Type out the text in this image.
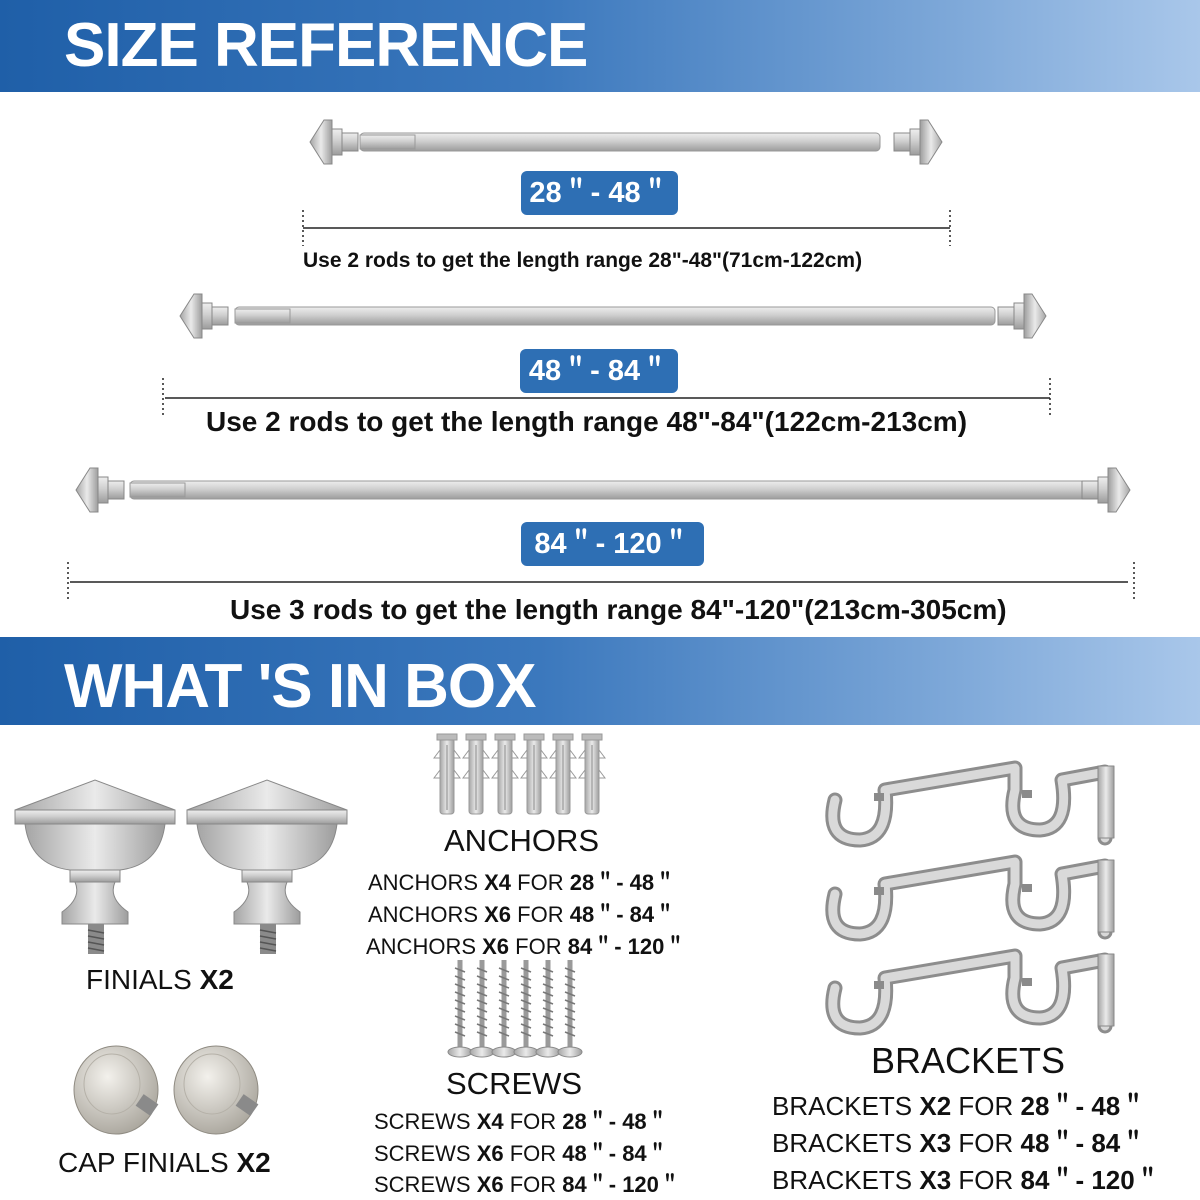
SIZE REFERENCE
WHAT 'S IN BOX
28＂- 48＂
48＂- 84＂
84＂- 120＂
Use 2 rods to get the length range 28"-48"(71cm-122cm)
Use 2 rods to get the length range 48"-84"(122cm-213cm)
Use 3 rods to get the length range 84"-120"(213cm-305cm)
FINIALS X2
CAP FINIALS X2
ANCHORS
ANCHORS X4 FOR 28＂- 48＂
ANCHORS X6 FOR 48＂- 84＂
ANCHORS X6 FOR 84＂- 120＂
SCREWS
SCREWS X4 FOR 28＂- 48＂
SCREWS X6 FOR 48＂- 84＂
SCREWS X6 FOR 84＂- 120＂
BRACKETS
BRACKETS X2 FOR 28＂- 48＂
BRACKETS X3 FOR 48＂- 84＂
BRACKETS X3 FOR 84＂- 120＂
